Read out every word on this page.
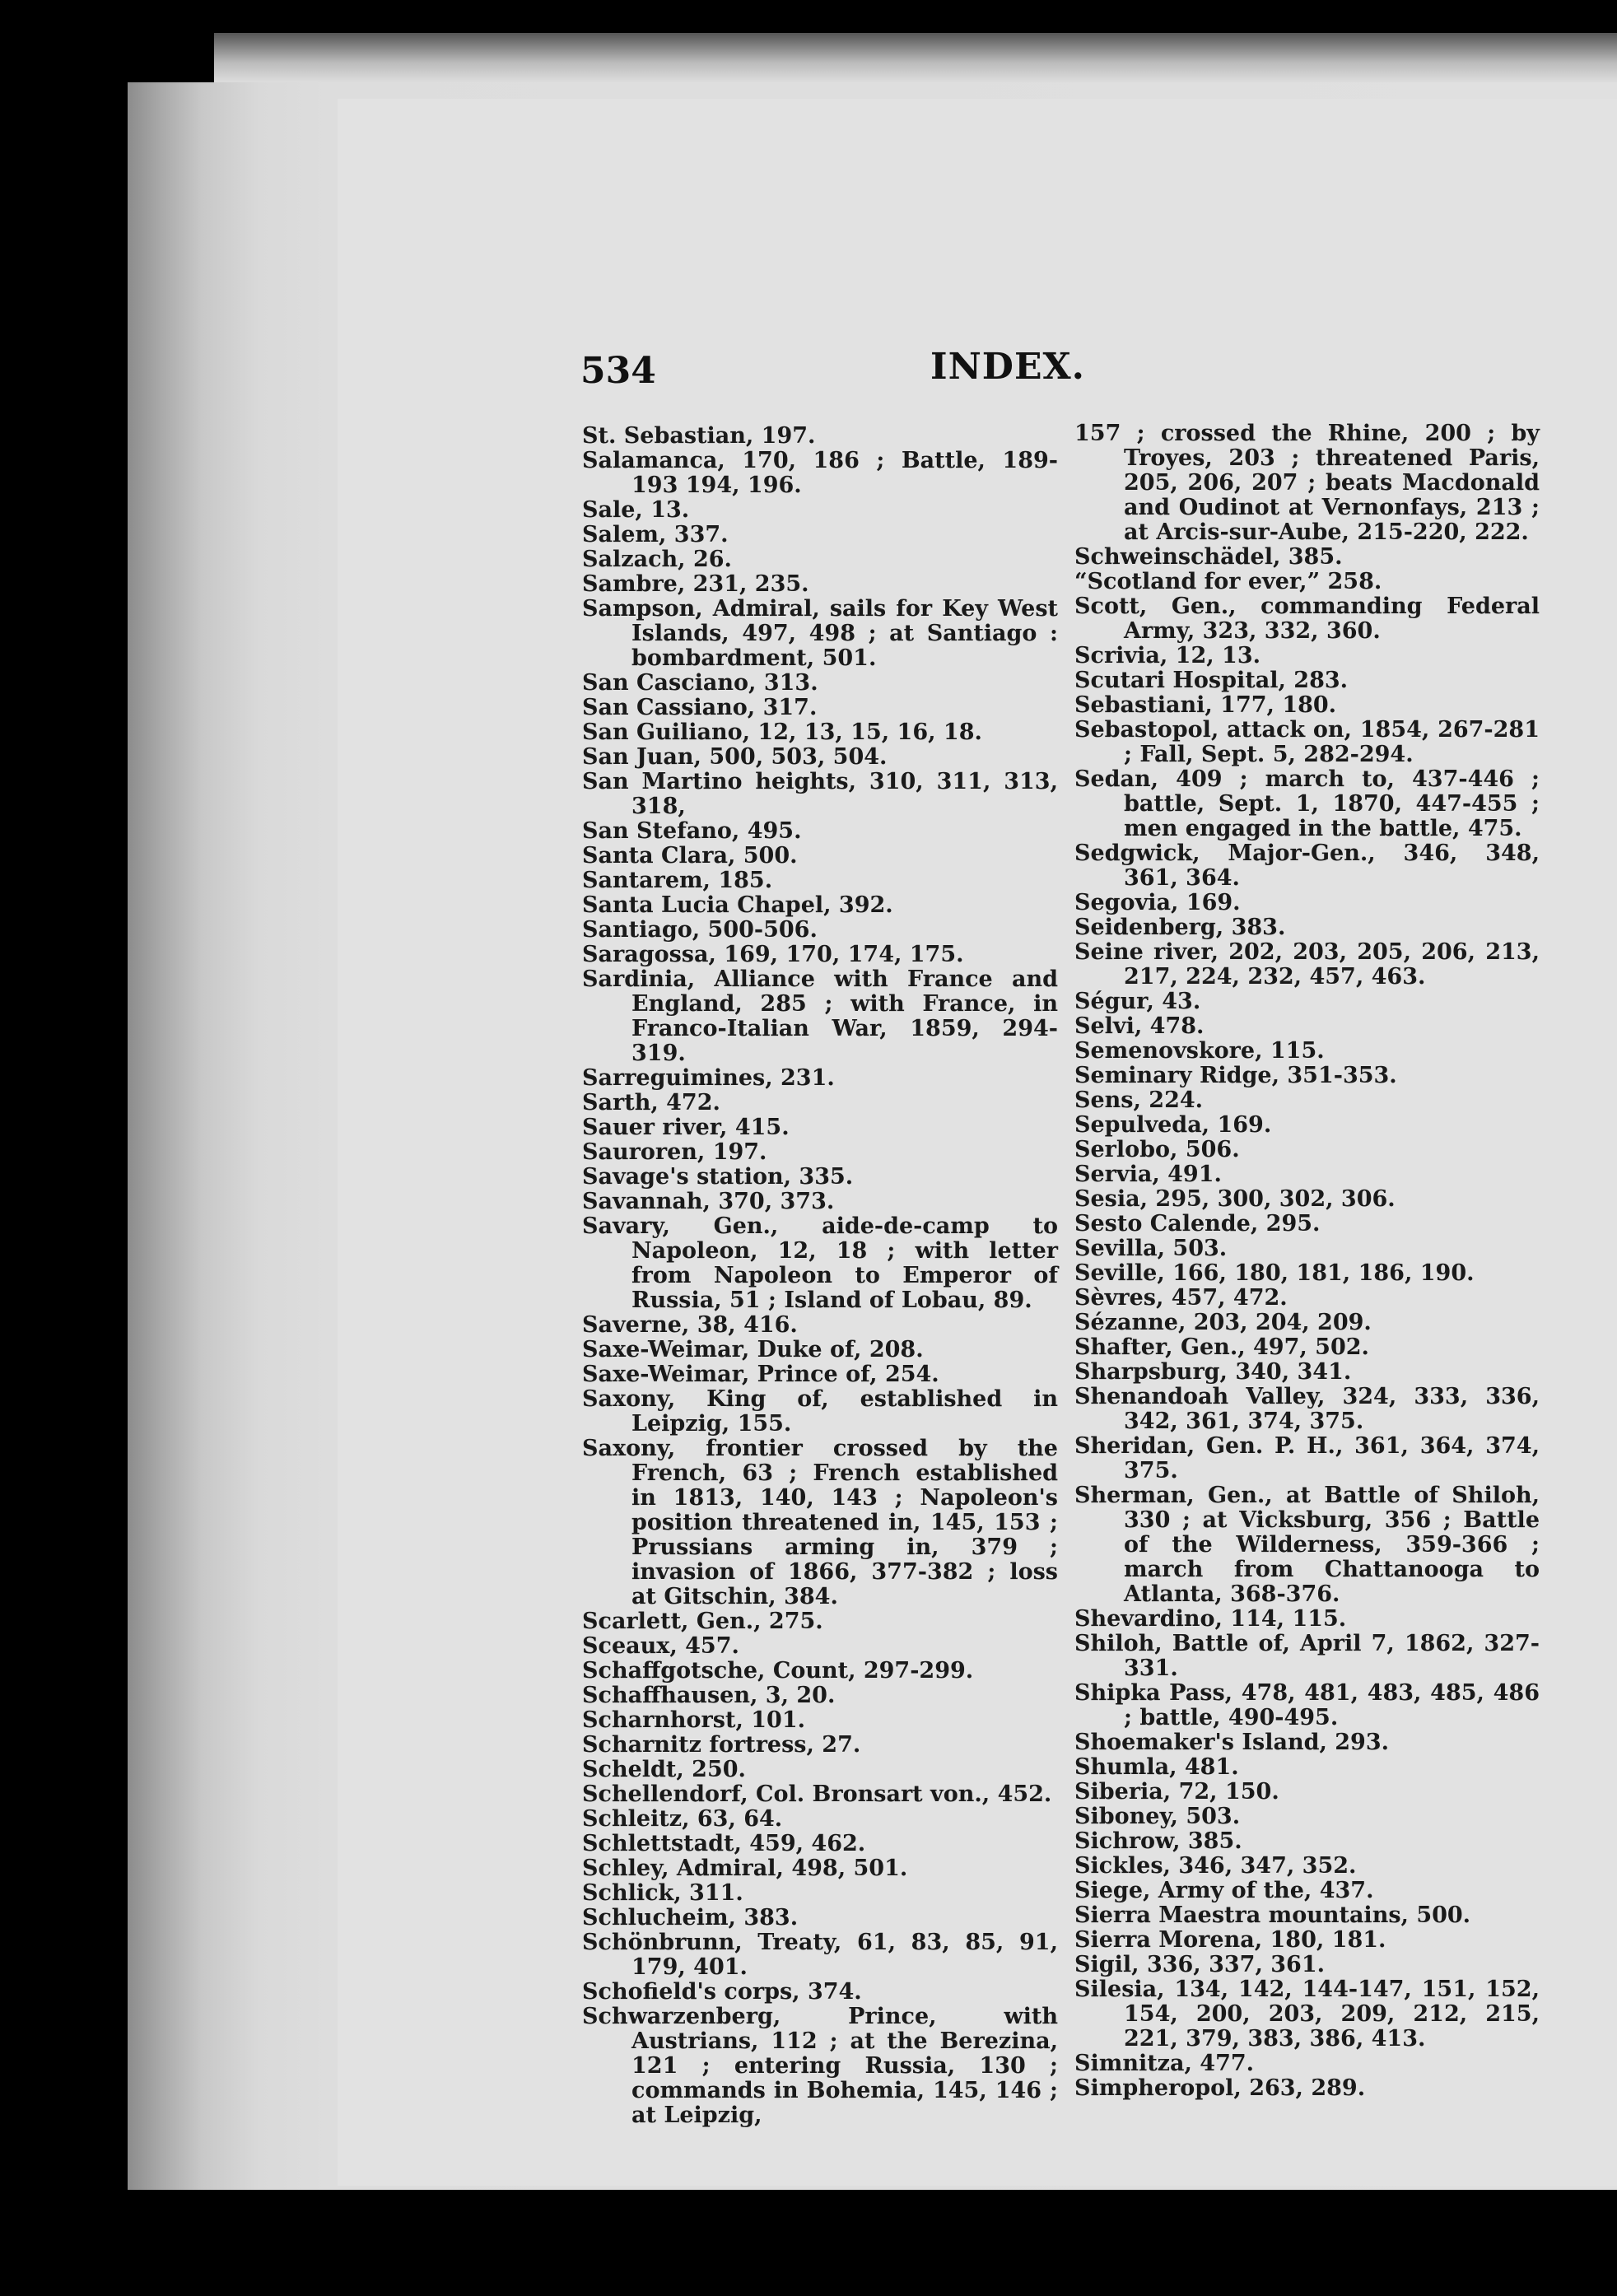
534	INDEX.

St. Sebastian, 197.

Salamanca, 170, 186 ; Battle, 189-193 194, 196.

Sale, 13.

Salem, 337.

Salzach, 26.

Sambre, 231, 235.

Sampson, Admiral, sails for Key West Islands, 497, 498 ; at Santiago : bombardment, 501.

San Casciano, 313.

San Cassiano, 317.

San Guiliano, 12, 13, 15, 16, 18.

San Juan, 500, 503, 504.

San Martino heights, 310, 311, 313, 318,

San Stefano, 495.

Santa Clara, 500.

Santarem, 185.

Santa Lucia Chapel, 392.

Santiago, 500-506.

Saragossa, 169, 170, 174, 175.

Sardinia, Alliance with France and England, 285 ; with France, in Franco-Italian War, 1859, 294-319.

Sarreguimines, 231.

Sarth, 472.

Sauer river, 415.

Sauroren, 197.

Savage's station, 335.

Savannah, 370, 373.

Savary, Gen., aide-de-camp to Napoleon, 12, 18 ; with letter from Napoleon to Emperor of Russia, 51 ; Island of Lobau, 89.

Saverne, 38, 416.

Saxe-Weimar, Duke of, 208.

Saxe-Weimar, Prince of, 254.

Saxony, King of, established in Leipzig, 155.

Saxony, frontier crossed by the French, 63 ; French established in 1813, 140, 143 ; Napoleon's position threatened in, 145, 153 ; Prussians arming in, 379 ; invasion of 1866, 377-382 ; loss at Gitschin, 384.

Scarlett, Gen., 275.

Sceaux, 457.

Schaffgotsche, Count, 297-299.

Schaffhausen, 3, 20.

Scharnhorst, 101.

Scharnitz fortress, 27.

Scheldt, 250.

Schellendorf, Col. Bronsart von., 452.

Schleitz, 63, 64.

Schlettstadt, 459, 462.

Schley, Admiral, 498, 501.

Schlick, 311.

Schlucheim, 383.

Schönbrunn, Treaty, 61, 83, 85, 91, 179, 401.

Schofield's corps, 374.

Schwarzenberg, Prince, with Austrians, 112 ; at the Berezina, 121 ; entering Russia, 130 ; commands in Bohemia, 145, 146 ; at Leipzig,

157 ; crossed the Rhine, 200 ; by Troyes, 203 ; threatened Paris, 205, 206, 207 ; beats Macdonald and Oudinot at Vernonfays, 213 ; at Arcis-sur-Aube, 215-220, 222.

Schweinschädel, 385.

“Scotland for ever,” 258.

Scott, Gen., commanding Federal Army, 323, 332, 360.

Scrivia, 12, 13.

Scutari Hospital, 283.

Sebastiani, 177, 180.

Sebastopol, attack on, 1854, 267-281 ; Fall, Sept. 5, 282-294.

Sedan, 409 ; march to, 437-446 ; battle, Sept. 1, 1870, 447-455 ; men engaged in the battle, 475.

Sedgwick, Major-Gen., 346, 348, 361, 364.

Segovia, 169.

Seidenberg, 383.

Seine river, 202, 203, 205, 206, 213, 217, 224, 232, 457, 463.

Ségur, 43.

Selvi, 478.

Semenovskore, 115.

Seminary Ridge, 351-353.

Sens, 224.

Sepulveda, 169.

Serlobo, 506.

Servia, 491.

Sesia, 295, 300, 302, 306.

Sesto Calende, 295.

Sevilla, 503.

Seville, 166, 180, 181, 186, 190.

Sèvres, 457, 472.

Sézanne, 203, 204, 209.

Shafter, Gen., 497, 502.

Sharpsburg, 340, 341.

Shenandoah Valley, 324, 333, 336, 342, 361, 374, 375.

Sheridan, Gen. P. H., 361, 364, 374, 375.

Sherman, Gen., at Battle of Shiloh, 330 ; at Vicksburg, 356 ; Battle of the Wilderness, 359-366 ; march from Chattanooga to Atlanta, 368-376.

Shevardino, 114, 115.

Shiloh, Battle of, April 7, 1862, 327-331.

Shipka Pass, 478, 481, 483, 485, 486 ; battle, 490-495.

Shoemaker's Island, 293.

Shumla, 481.

Siberia, 72, 150.

Siboney, 503.

Sichrow, 385.

Sickles, 346, 347, 352.

Siege, Army of the, 437.

Sierra Maestra mountains, 500.

Sierra Morena, 180, 181.

Sigil, 336, 337, 361.

Silesia, 134, 142, 144-147, 151, 152, 154, 200, 203, 209, 212, 215, 221, 379, 383, 386, 413.

Simnitza, 477.

Simpheropol, 263, 289.
